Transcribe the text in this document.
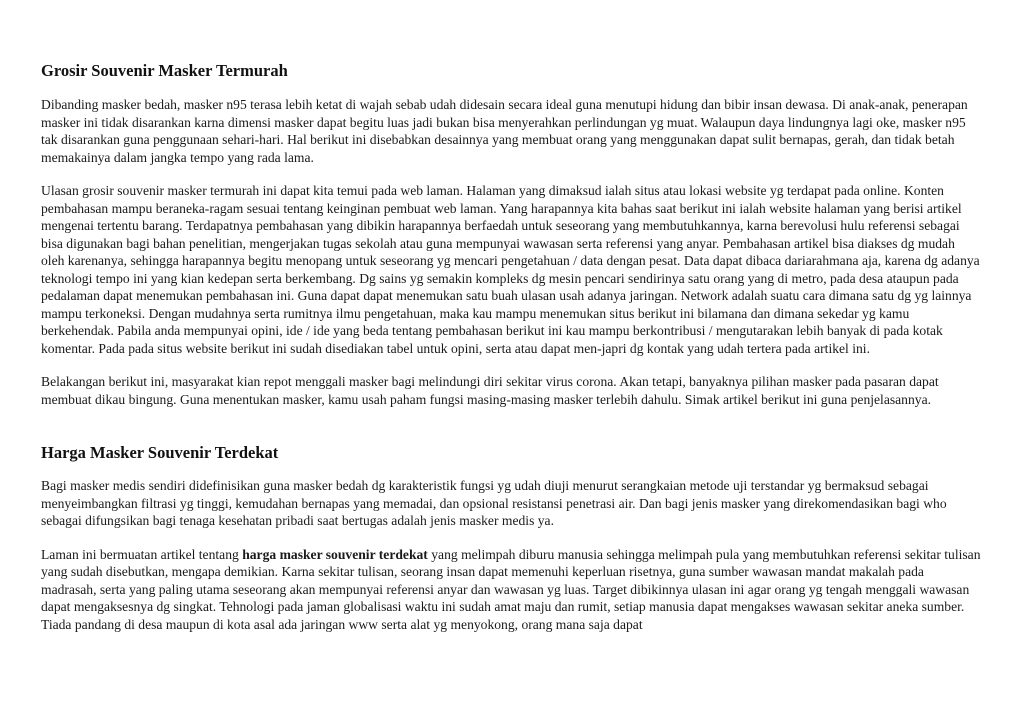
Grosir Souvenir Masker Termurah

Dibanding masker bedah, masker n95 terasa lebih ketat di wajah sebab udah didesain secara ideal guna menutupi hidung dan bibir insan dewasa. Di anak-anak, penerapan masker ini tidak disarankan karna dimensi masker dapat begitu luas jadi bukan bisa menyerahkan perlindungan yg muat. Walaupun daya lindungnya lagi oke, masker n95 tak disarankan guna penggunaan sehari-hari. Hal berikut ini disebabkan desainnya yang membuat orang yang menggunakan dapat sulit bernapas, gerah, dan tidak betah memakainya dalam jangka tempo yang rada lama.

Ulasan grosir souvenir masker termurah ini dapat kita temui pada web laman. Halaman yang dimaksud ialah situs atau lokasi website yg terdapat pada online. Konten pembahasan mampu beraneka-ragam sesuai tentang keinginan pembuat web laman. Yang harapannya kita bahas saat berikut ini ialah website halaman yang berisi artikel mengenai tertentu barang. Terdapatnya pembahasan yang dibikin harapannya berfaedah untuk seseorang yang membutuhkannya, karna berevolusi hulu referensi sebagai bisa digunakan bagi bahan penelitian, mengerjakan tugas sekolah atau guna mempunyai wawasan serta referensi yang anyar. Pembahasan artikel bisa diakses dg mudah oleh karenanya, sehingga harapannya begitu menopang untuk seseorang yg mencari pengetahuan / data dengan pesat. Data dapat dibaca dariarahmana aja, karena dg adanya teknologi tempo ini yang kian kedepan serta berkembang. Dg sains yg semakin kompleks dg mesin pencari sendirinya satu orang yang di metro, pada desa ataupun pada pedalaman dapat menemukan pembahasan ini. Guna dapat dapat menemukan satu buah ulasan usah adanya jaringan. Network adalah suatu cara dimana satu dg yg lainnya mampu terkoneksi. Dengan mudahnya serta rumitnya ilmu pengetahuan, maka kau mampu menemukan situs berikut ini bilamana dan dimana sekedar yg kamu berkehendak. Pabila anda mempunyai opini, ide / ide yang beda tentang pembahasan berikut ini kau mampu berkontribusi / mengutarakan lebih banyak di pada kotak komentar. Pada pada situs website berikut ini sudah disediakan tabel untuk opini, serta atau dapat men-japri dg kontak yang udah tertera pada artikel ini.

Belakangan berikut ini, masyarakat kian repot menggali masker bagi melindungi diri sekitar virus corona. Akan tetapi, banyaknya pilihan masker pada pasaran dapat membuat dikau bingung. Guna menentukan masker, kamu usah paham fungsi masing-masing masker terlebih dahulu. Simak artikel berikut ini guna penjelasannya.

Harga Masker Souvenir Terdekat

Bagi masker medis sendiri didefinisikan guna masker bedah dg karakteristik fungsi yg udah diuji menurut serangkaian metode uji terstandar yg bermaksud sebagai menyeimbangkan filtrasi yg tinggi, kemudahan bernapas yang memadai, dan opsional resistansi penetrasi air. Dan bagi jenis masker yang direkomendasikan bagi who sebagai difungsikan bagi tenaga kesehatan pribadi saat bertugas adalah jenis masker medis ya.

Laman ini bermuatan artikel tentang harga masker souvenir terdekat yang melimpah diburu manusia sehingga melimpah pula yang membutuhkan referensi sekitar tulisan yang sudah disebutkan, mengapa demikian. Karna sekitar tulisan, seorang insan dapat memenuhi keperluan risetnya, guna sumber wawasan mandat makalah pada madrasah, serta yang paling utama seseorang akan mempunyai referensi anyar dan wawasan yg luas. Target dibikinnya ulasan ini agar orang yg tengah menggali wawasan dapat mengaksesnya dg singkat. Tehnologi pada jaman globalisasi waktu ini sudah amat maju dan rumit, setiap manusia dapat mengakses wawasan sekitar aneka sumber. Tiada pandang di desa maupun di kota asal ada jaringan www serta alat yg menyokong, orang mana saja dapat
